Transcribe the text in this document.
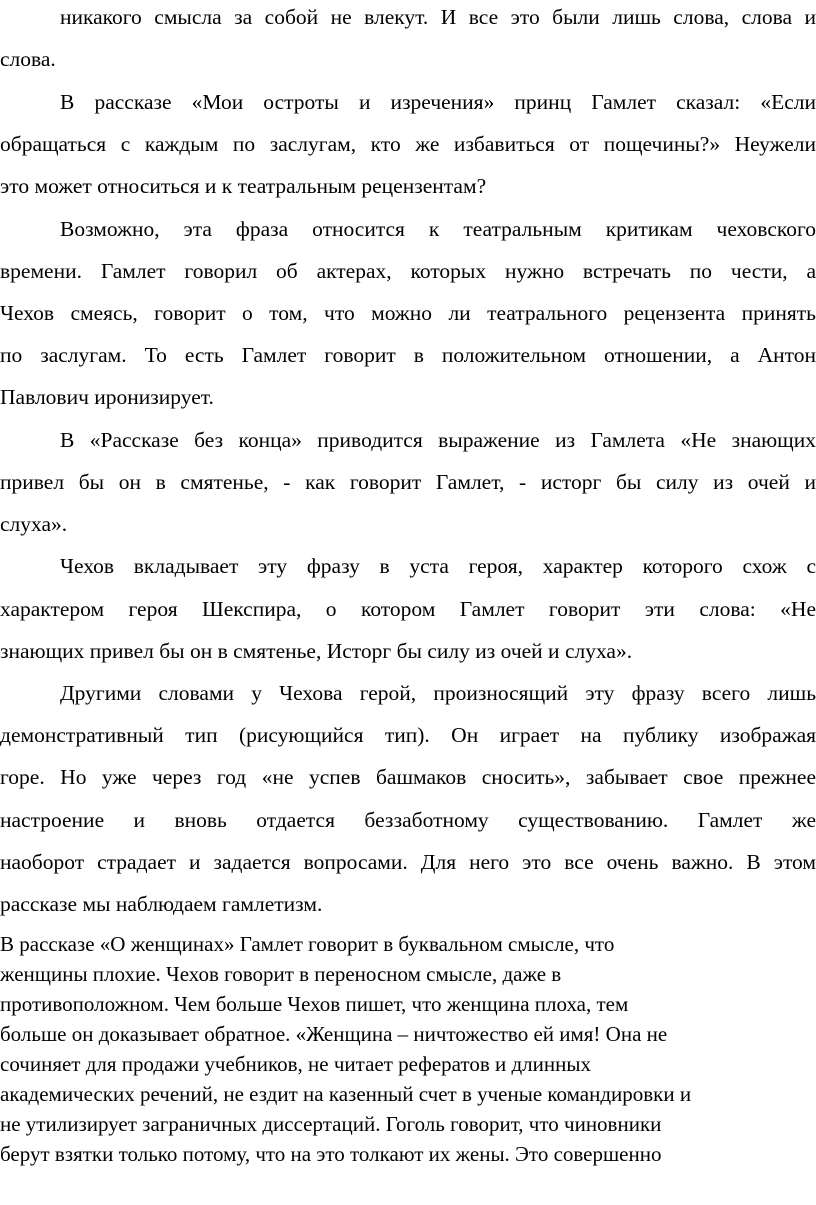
никакого смысла за собой не влекут. И все это были лишь слова, слова и
слова.
В рассказе «Мои остроты и изречения» принц Гамлет сказал: «Если
обращаться с каждым по заслугам, кто же избавиться от пощечины?» Неужели
это может относиться и к театральным рецензентам?
Возможно, эта фраза относится к театральным критикам чеховского
времени. Гамлет говорил об актерах, которых нужно встречать по чести, а
Чехов смеясь, говорит о том, что можно ли театрального рецензента принять
по заслугам. То есть Гамлет говорит в положительном отношении, а Антон
Павлович иронизирует.
В «Рассказе без конца» приводится выражение из Гамлета «Не знающих
привел бы он в смятенье, - как говорит Гамлет, - исторг бы силу из очей и
слуха».
Чехов вкладывает эту фразу в уста героя, характер которого схож с
характером героя Шекспира, о котором Гамлет говорит эти слова: «Не
знающих привел бы он в смятенье, Исторг бы силу из очей и слуха».
Другими словами у Чехова герой, произносящий эту фразу всего лишь
демонстративный тип (рисующийся тип). Он играет на публику изображая
горе. Но уже через год «не успев башмаков сносить», забывает свое прежнее
настроение и вновь отдается беззаботному существованию. Гамлет же
наоборот страдает и задается вопросами. Для него это все очень важно. В этом
рассказе мы наблюдаем гамлетизм.
В рассказе «О женщинах» Гамлет говорит в буквальном смысле, что
женщины плохие. Чехов говорит в переносном смысле, даже в
противоположном. Чем больше Чехов пишет, что женщина плоха, тем
больше он доказывает обратное. «Женщина – ничтожество ей имя! Она не
сочиняет для продажи учебников, не читает рефератов и длинных
академических речений, не ездит на казенный счет в ученые командировки и
не утилизирует заграничных диссертаций. Гоголь говорит, что чиновники
берут взятки только потому, что на это толкают их жены. Это совершенно
